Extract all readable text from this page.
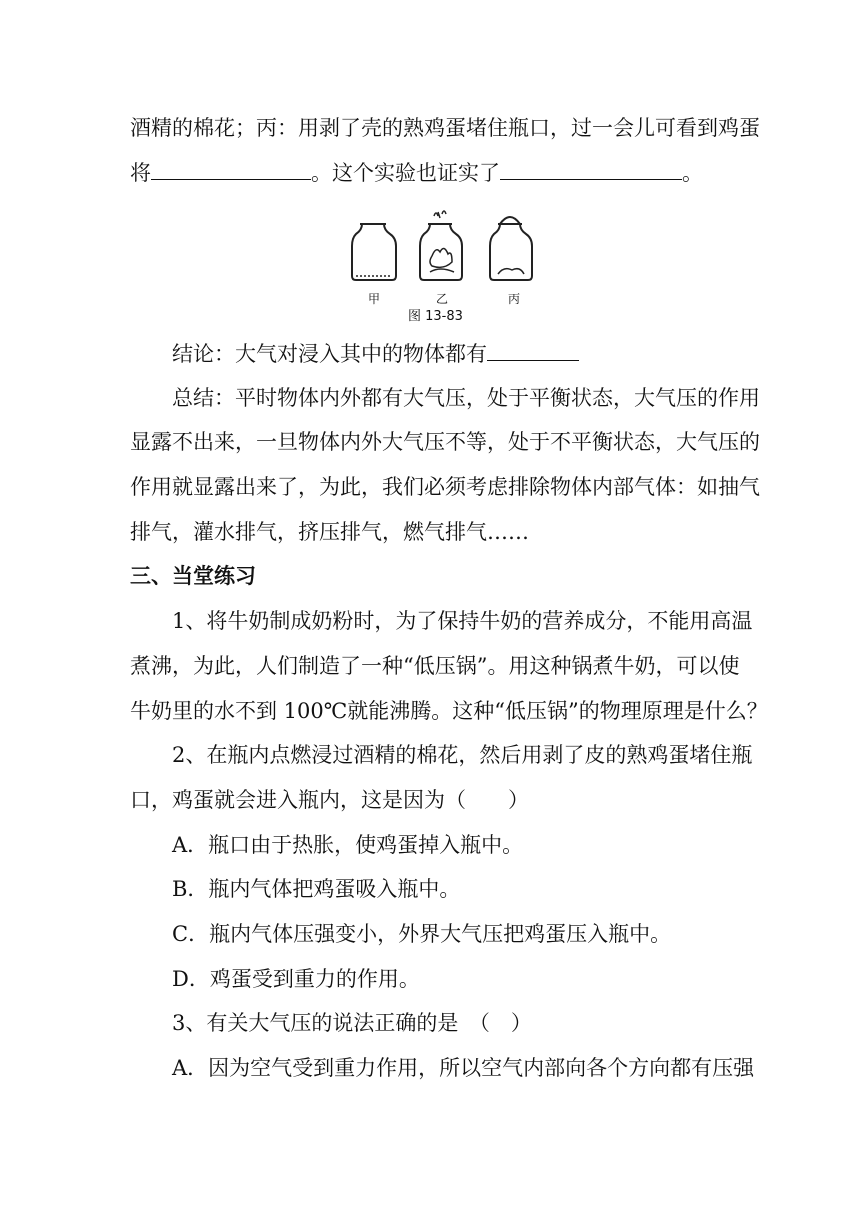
酒精的棉花；丙：用剥了壳的熟鸡蛋堵住瓶口，过一会儿可看到鸡蛋
将	。这个实验也证实了	。
甲	乙	丙
图 13-83
结论：大气对浸入其中的物体都有
总结：平时物体内外都有大气压，处于平衡状态，大气压的作用
显露不出来，一旦物体内外大气压不等，处于不平衡状态，大气压的
作用就显露出来了，为此，我们必须考虑排除物体内部气体：如抽气
排气，灌水排气，挤压排气，燃气排气……
三、当堂练习
1、将牛奶制成奶粉时，为了保持牛奶的营养成分，不能用高温
煮沸，为此，人们制造了一种“低压锅”。用这种锅煮牛奶，可以使
牛奶里的水不到 100℃就能沸腾。这种“低压锅”的物理原理是什么？
2、在瓶内点燃浸过酒精的棉花，然后用剥了皮的熟鸡蛋堵住瓶
口，鸡蛋就会进入瓶内，这是因为（　　）
A．瓶口由于热胀，使鸡蛋掉入瓶中。
B．瓶内气体把鸡蛋吸入瓶中。
C．瓶内气体压强变小，外界大气压把鸡蛋压入瓶中。
D．鸡蛋受到重力的作用。
3、有关大气压的说法正确的是　（　）
A．因为空气受到重力作用，所以空气内部向各个方向都有压强
